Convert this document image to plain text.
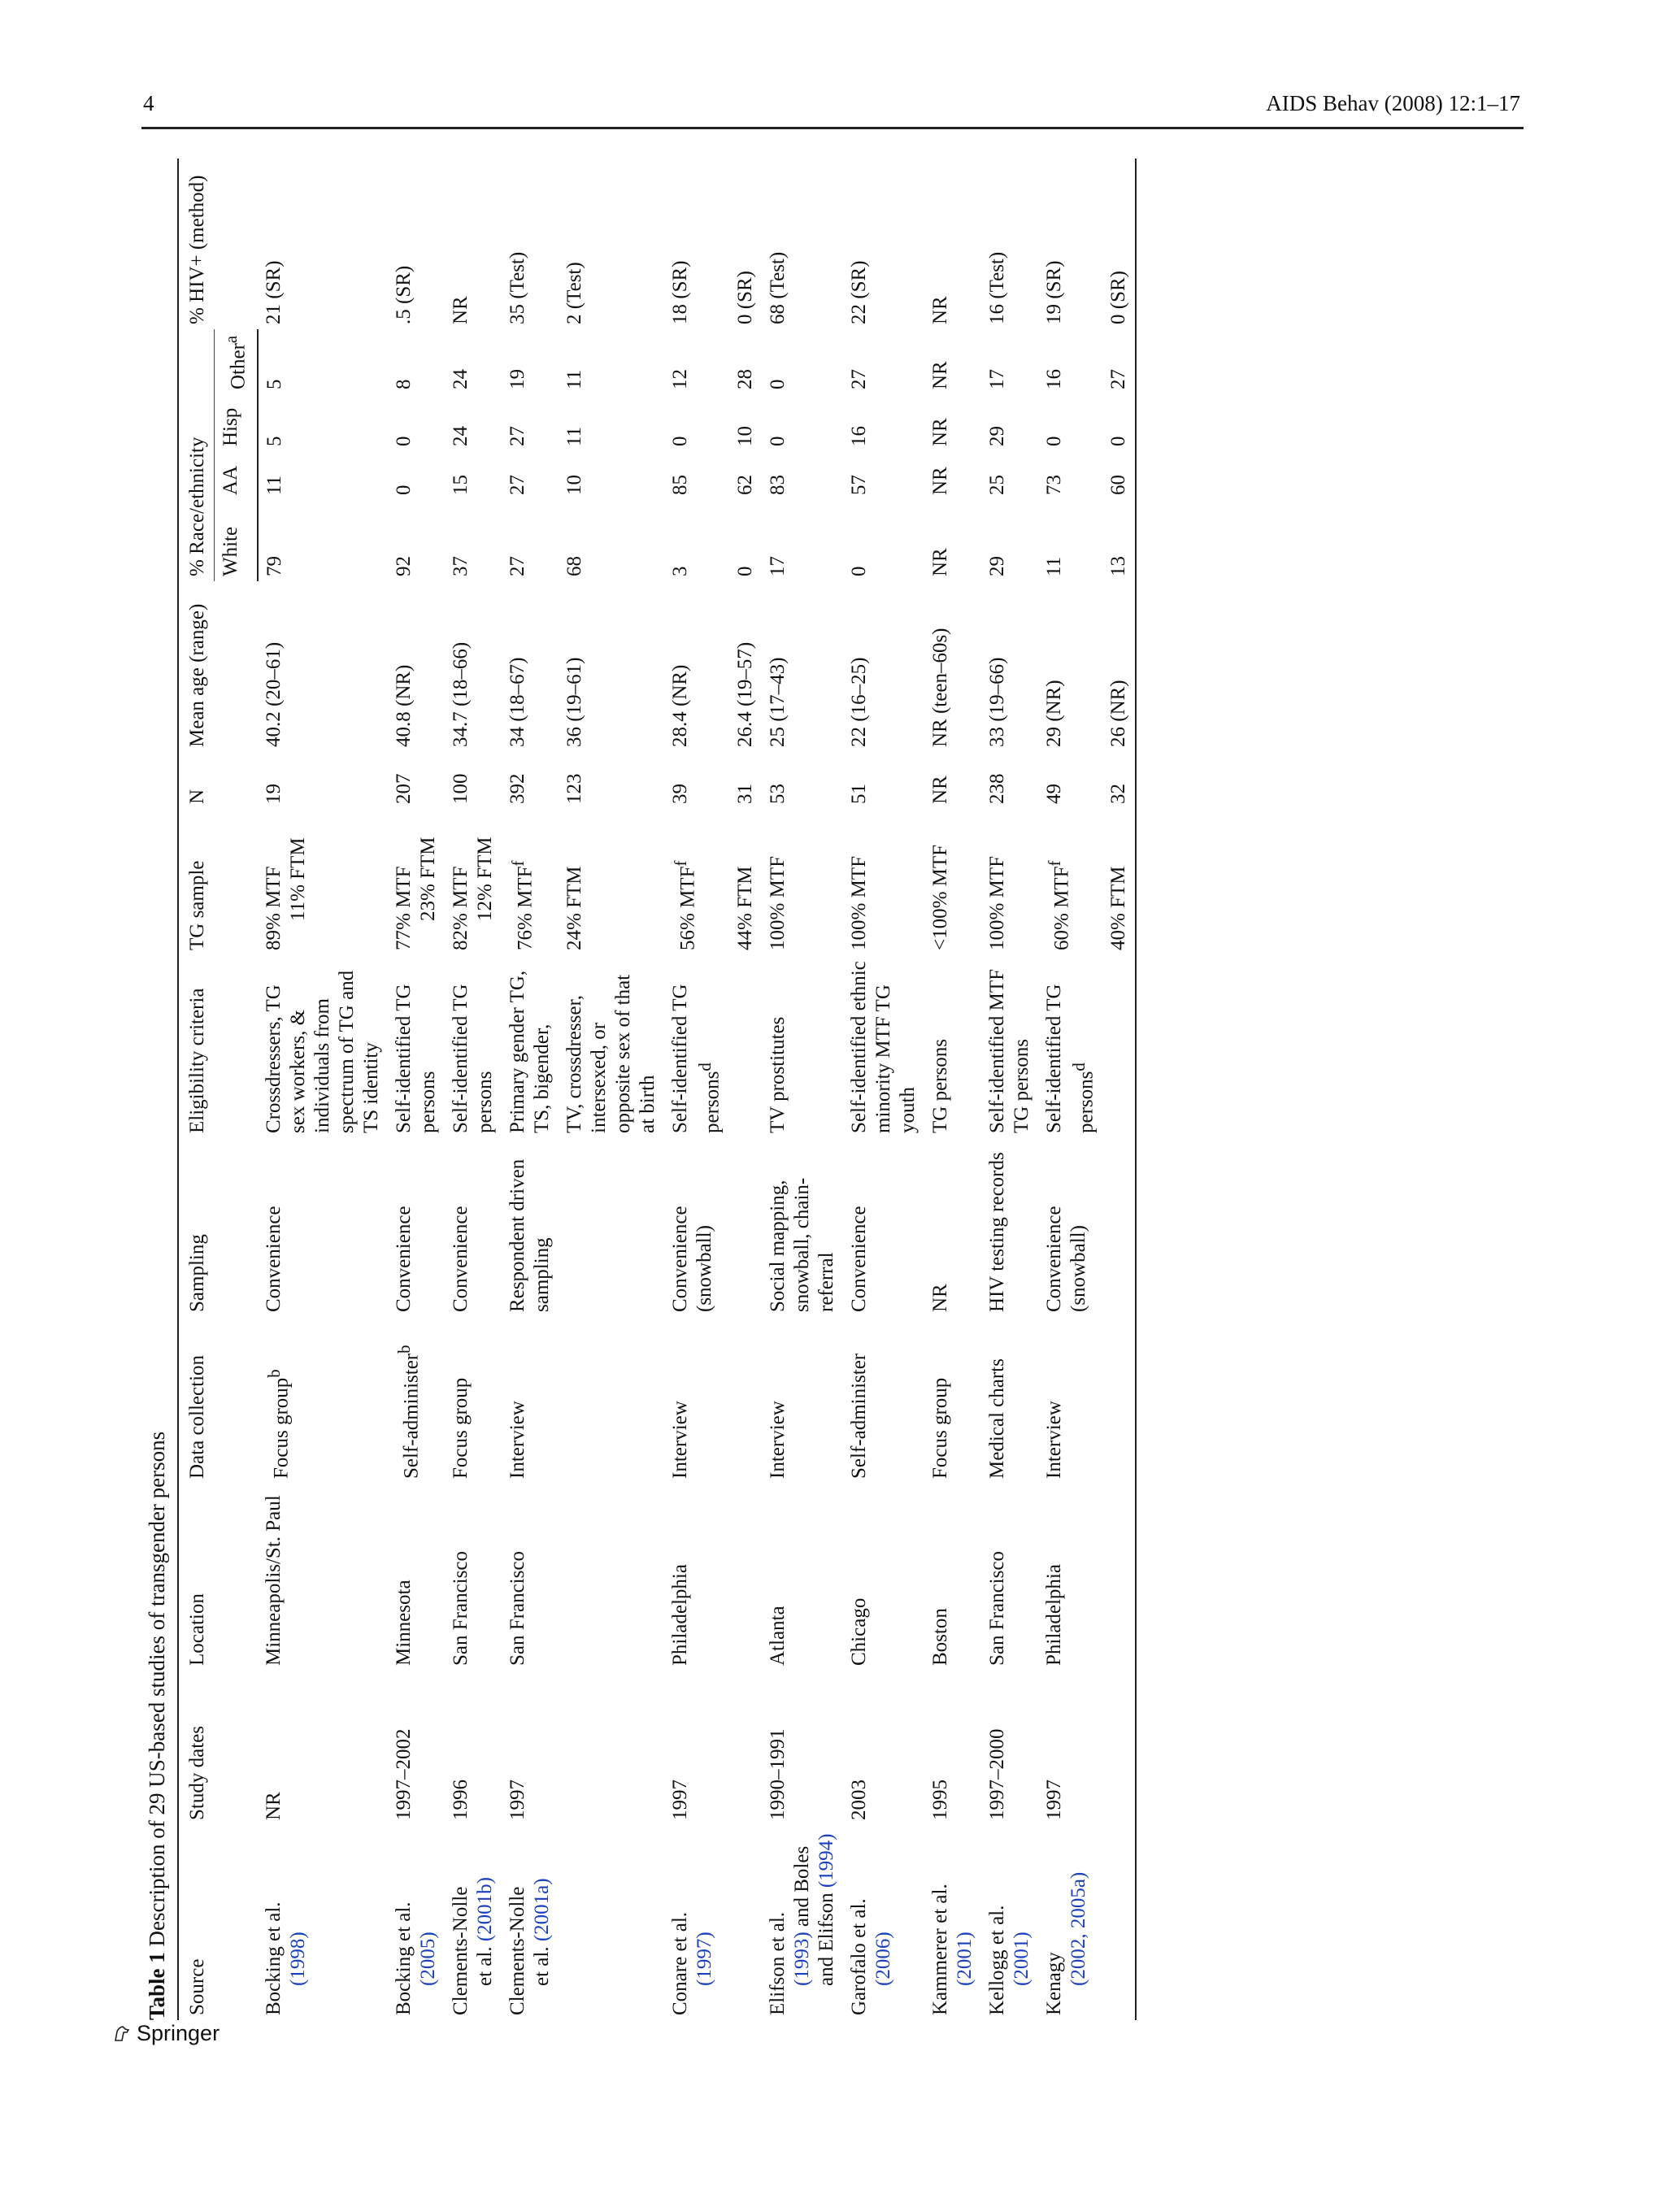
4	AIDS Behav (2008) 12:1–17
Table 1 Description of 29 US-based studies of transgender persons
Source	Study dates	Location	Data collection	Sampling	Eligibility criteria	TG sample	N	Mean age (range)	% Race/ethnicity				% HIV+ (method)
									White	AA	Hisp	Other$^a$
Bocking et al. (1998)	NR	Minneapolis/St. Paul	Focus group$^b$	Convenience	Crossdressers, TG sex workers, & individuals from spectrum of TG and TS identity	89% MTF 11% FTM	19	40.2 (20–61)	79	11	5	5	21 (SR)
Bocking et al. (2005)	1997–2002	Minnesota	Self-administer$^b$	Convenience	Self-identified TG persons	77% MTF 23% FTM	207	40.8 (NR)	92	0	0	8	.5 (SR)
Clements-Nolle et al. (2001b)	1996	San Francisco	Focus group	Convenience	Self-identified TG persons	82% MTF 12% FTM	100	34.7 (18–66)	37	15	24	24	NR
Clements-Nolle et al. (2001a)	1997	San Francisco	Interview	Respondent driven sampling	Primary gender TG, TS, bigender,	76% MTF$^f$	392	34 (18–67)	27	27	27	19	35 (Test)
					TV, crossdresser, intersexed, or opposite sex of that at birth	24% FTM	123	36 (19–61)	68	10	11	11	2 (Test)
Conare et al. (1997)	1997	Philadelphia	Interview	Convenience (snowball)	Self-identified TG persons$^d$	56% MTF$^f$	39	28.4 (NR)	3	85	0	12	18 (SR)
						44% FTM	31	26.4 (19–57)	0	62	10	28	0 (SR)
Elifson et al. (1993) and Boles and Elifson (1994)	1990–1991	Atlanta	Interview	Social mapping, snowball, chain-referral	TV prostitutes	100% MTF	53	25 (17–43)	17	83	0	0	68 (Test)
Garofalo et al. (2006)	2003	Chicago	Self-administer	Convenience	Self-identified ethnic minority MTF TG youth	100% MTF	51	22 (16–25)	0	57	16	27	22 (SR)
Kammerer et al. (2001)	1995	Boston	Focus group	NR	TG persons	<100% MTF	NR	NR (teen–60s)	NR	NR	NR	NR	NR
Kellogg et al. (2001)	1997–2000	San Francisco	Medical charts	HIV testing records	Self-identified MTF TG persons	100% MTF	238	33 (19–66)	29	25	29	17	16 (Test)
Kenagy (2002, 2005a)	1997	Philadelphia	Interview	Convenience (snowball)	Self-identified TG persons$^d$	60% MTF$^f$	49	29 (NR)	11	73	0	16	19 (SR)
						40% FTM	32	26 (NR)	13	60	0	27	0 (SR)
Springer
